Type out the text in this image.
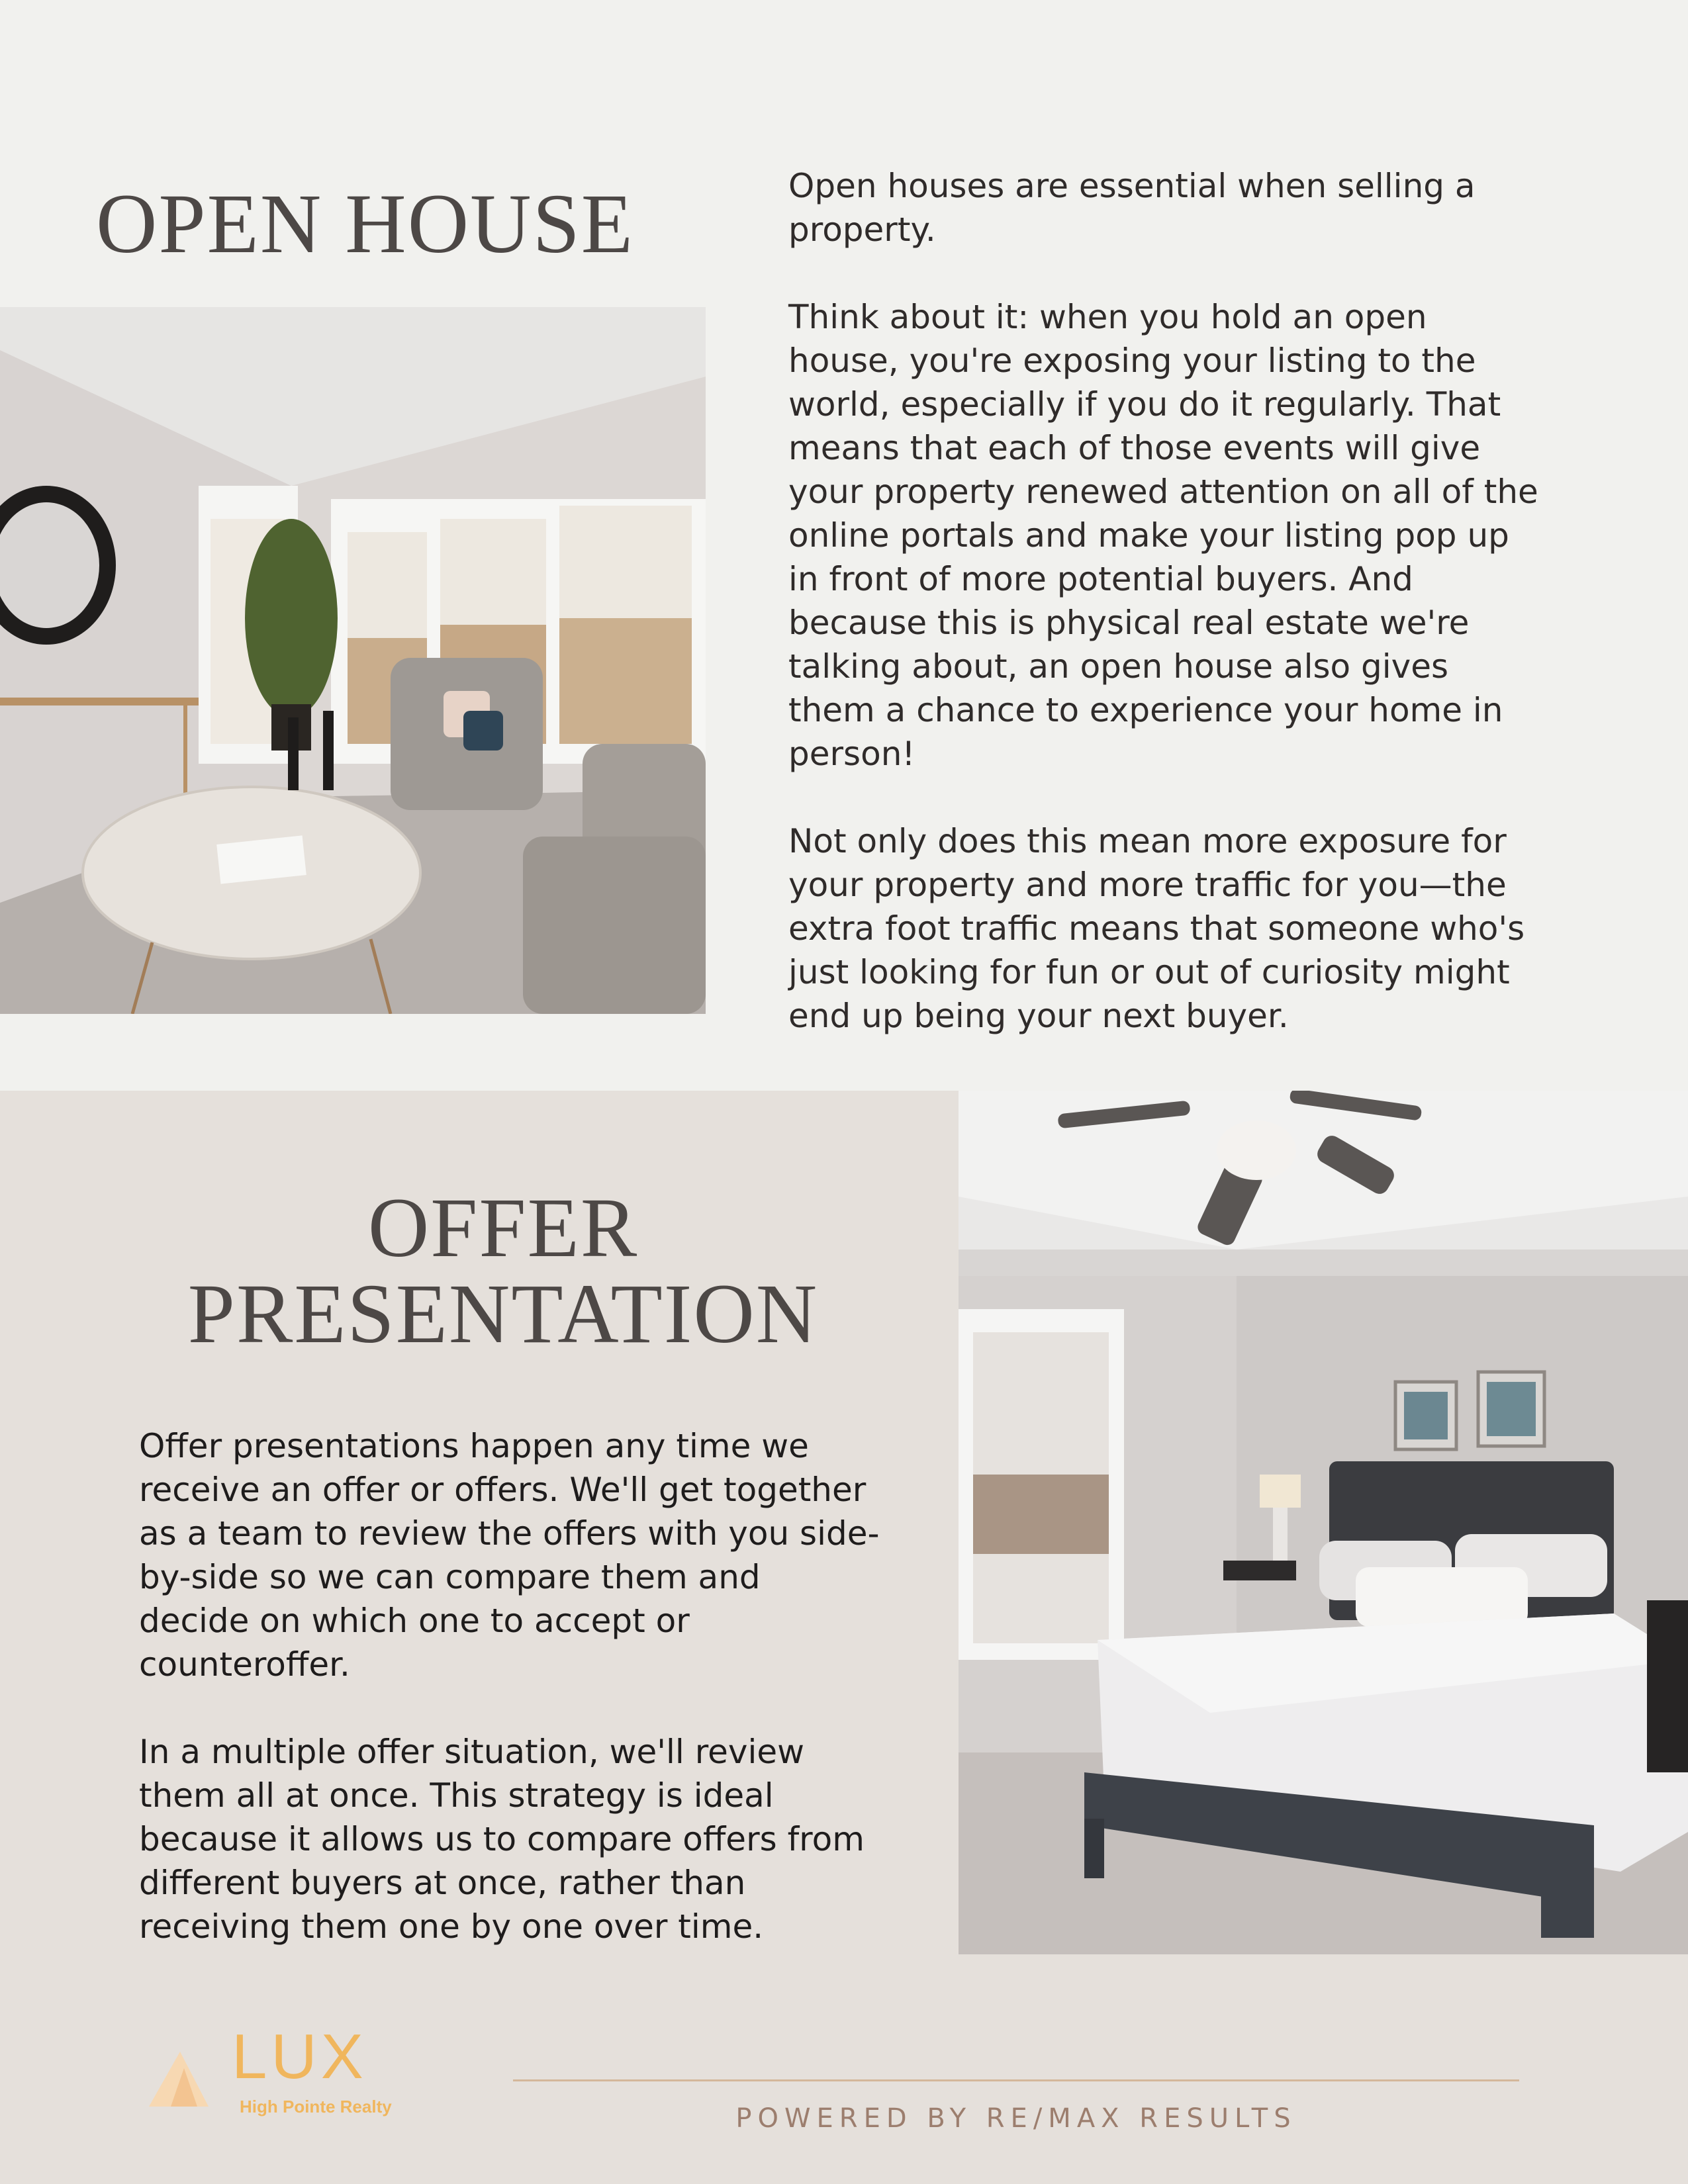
OPEN HOUSE	Open houses are essential when selling a property.

Think about it: when you hold an open house, you're exposing your listing to the world, especially if you do it regularly. That means that each of those events will give your property renewed attention on all of the online portals and make your listing pop up in front of more potential buyers. And because this is physical real estate we're talking about, an open house also gives them a chance to experience your home in person!

Not only does this mean more exposure for your property and more traffic for you—the extra foot traffic means that someone who's just looking for fun or out of curiosity might end up being your next buyer.

OFFER
PRESENTATION

Offer presentations happen any time we receive an offer or offers. We'll get together as a team to review the offers with you side-by-side so we can compare them and decide on which one to accept or counteroffer.

In a multiple offer situation, we'll review them all at once. This strategy is ideal because it allows us to compare offers from different buyers at once, rather than receiving them one by one over time.

LUX
High Pointe Realty	POWERED BY RE/MAX RESULTS
